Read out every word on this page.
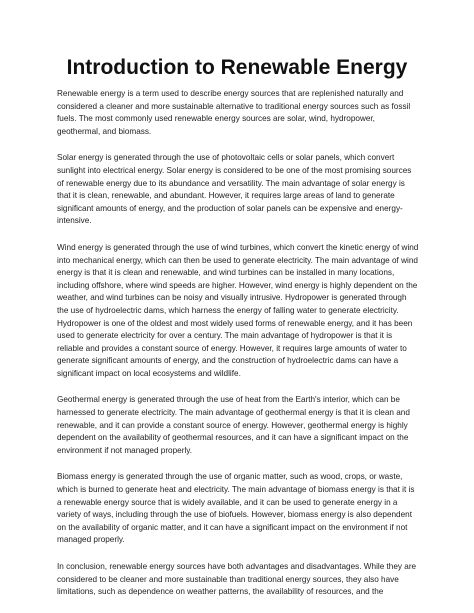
Introduction to Renewable Energy

Renewable energy is a term used to describe energy sources that are replenished naturally and considered a cleaner and more sustainable alternative to traditional energy sources such as fossil fuels. The most commonly used renewable energy sources are solar, wind, hydropower, geothermal, and biomass.

Solar energy is generated through the use of photovoltaic cells or solar panels, which convert sunlight into electrical energy. Solar energy is considered to be one of the most promising sources of renewable energy due to its abundance and versatility. The main advantage of solar energy is that it is clean, renewable, and abundant. However, it requires large areas of land to generate significant amounts of energy, and the production of solar panels can be expensive and energy-intensive.

Wind energy is generated through the use of wind turbines, which convert the kinetic energy of wind into mechanical energy, which can then be used to generate electricity. The main advantage of wind energy is that it is clean and renewable, and wind turbines can be installed in many locations, including offshore, where wind speeds are higher. However, wind energy is highly dependent on the weather, and wind turbines can be noisy and visually intrusive. Hydropower is generated through the use of hydroelectric dams, which harness the energy of falling water to generate electricity. Hydropower is one of the oldest and most widely used forms of renewable energy, and it has been used to generate electricity for over a century. The main advantage of hydropower is that it is reliable and provides a constant source of energy. However, it requires large amounts of water to generate significant amounts of energy, and the construction of hydroelectric dams can have a significant impact on local ecosystems and wildlife.

Geothermal energy is generated through the use of heat from the Earth's interior, which can be harnessed to generate electricity. The main advantage of geothermal energy is that it is clean and renewable, and it can provide a constant source of energy. However, geothermal energy is highly dependent on the availability of geothermal resources, and it can have a significant impact on the environment if not managed properly.

Biomass energy is generated through the use of organic matter, such as wood, crops, or waste, which is burned to generate heat and electricity. The main advantage of biomass energy is that it is a renewable energy source that is widely available, and it can be used to generate energy in a variety of ways, including through the use of biofuels. However, biomass energy is also dependent on the availability of organic matter, and it can have a significant impact on the environment if not managed properly.

In conclusion, renewable energy sources have both advantages and disadvantages. While they are considered to be cleaner and more sustainable than traditional energy sources, they also have limitations, such as dependence on weather patterns, the availability of resources, and the
